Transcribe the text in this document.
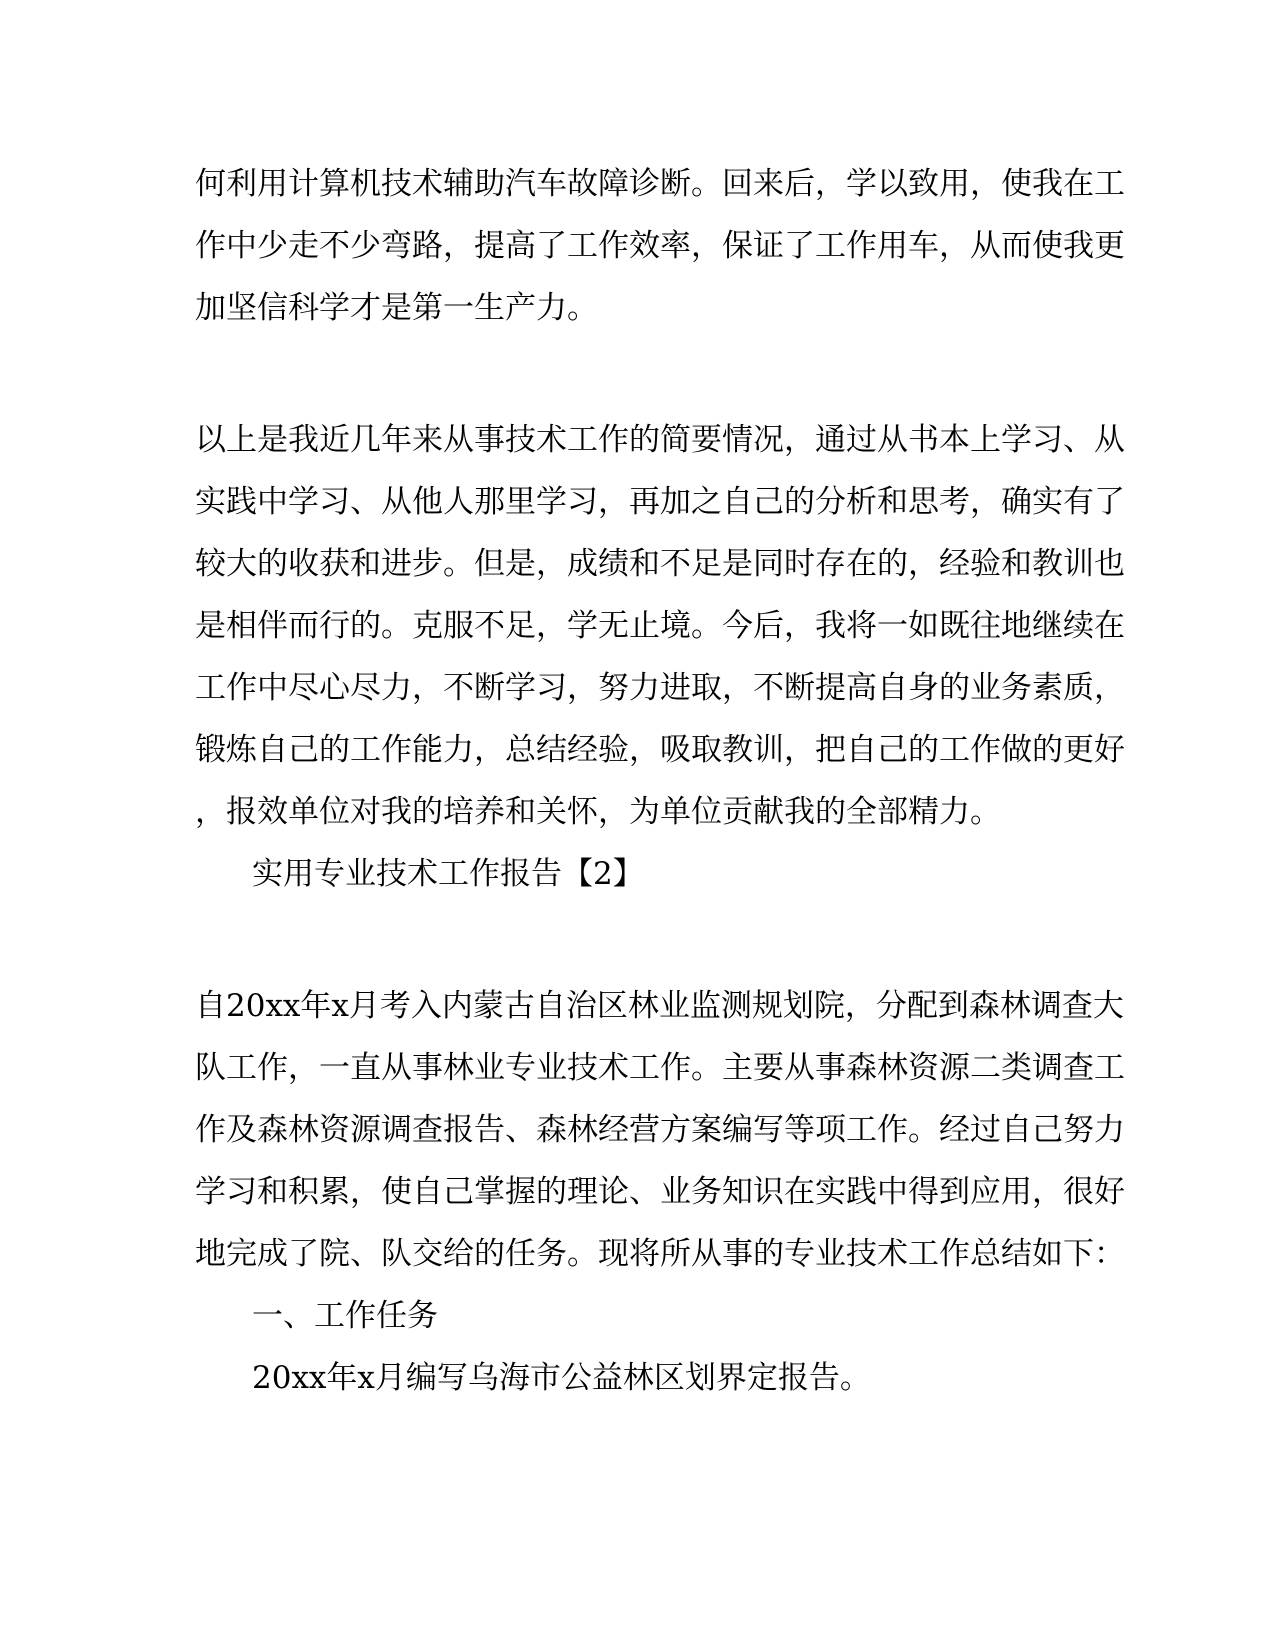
何利用计算机技术辅助汽车故障诊断。回来后，学以致用，使我在工

作中少走不少弯路，提高了工作效率，保证了工作用车，从而使我更

加坚信科学才是第一生产力。

以上是我近几年来从事技术工作的简要情况，通过从书本上学习、从

实践中学习、从他人那里学习，再加之自己的分析和思考，确实有了

较大的收获和进步。但是，成绩和不足是同时存在的，经验和教训也

是相伴而行的。克服不足，学无止境。今后，我将一如既往地继续在

工作中尽心尽力，不断学习，努力进取，不断提高自身的业务素质，

锻炼自己的工作能力，总结经验，吸取教训，把自己的工作做的更好

，报效单位对我的培养和关怀，为单位贡献我的全部精力。

实用专业技术工作报告【2】

自20xx年x月考入内蒙古自治区林业监测规划院，分配到森林调查大

队工作，一直从事林业专业技术工作。主要从事森林资源二类调查工

作及森林资源调查报告、森林经营方案编写等项工作。经过自己努力

学习和积累，使自己掌握的理论、业务知识在实践中得到应用，很好

地完成了院、队交给的任务。现将所从事的专业技术工作总结如下：

一、工作任务

20xx年x月编写乌海市公益林区划界定报告。
